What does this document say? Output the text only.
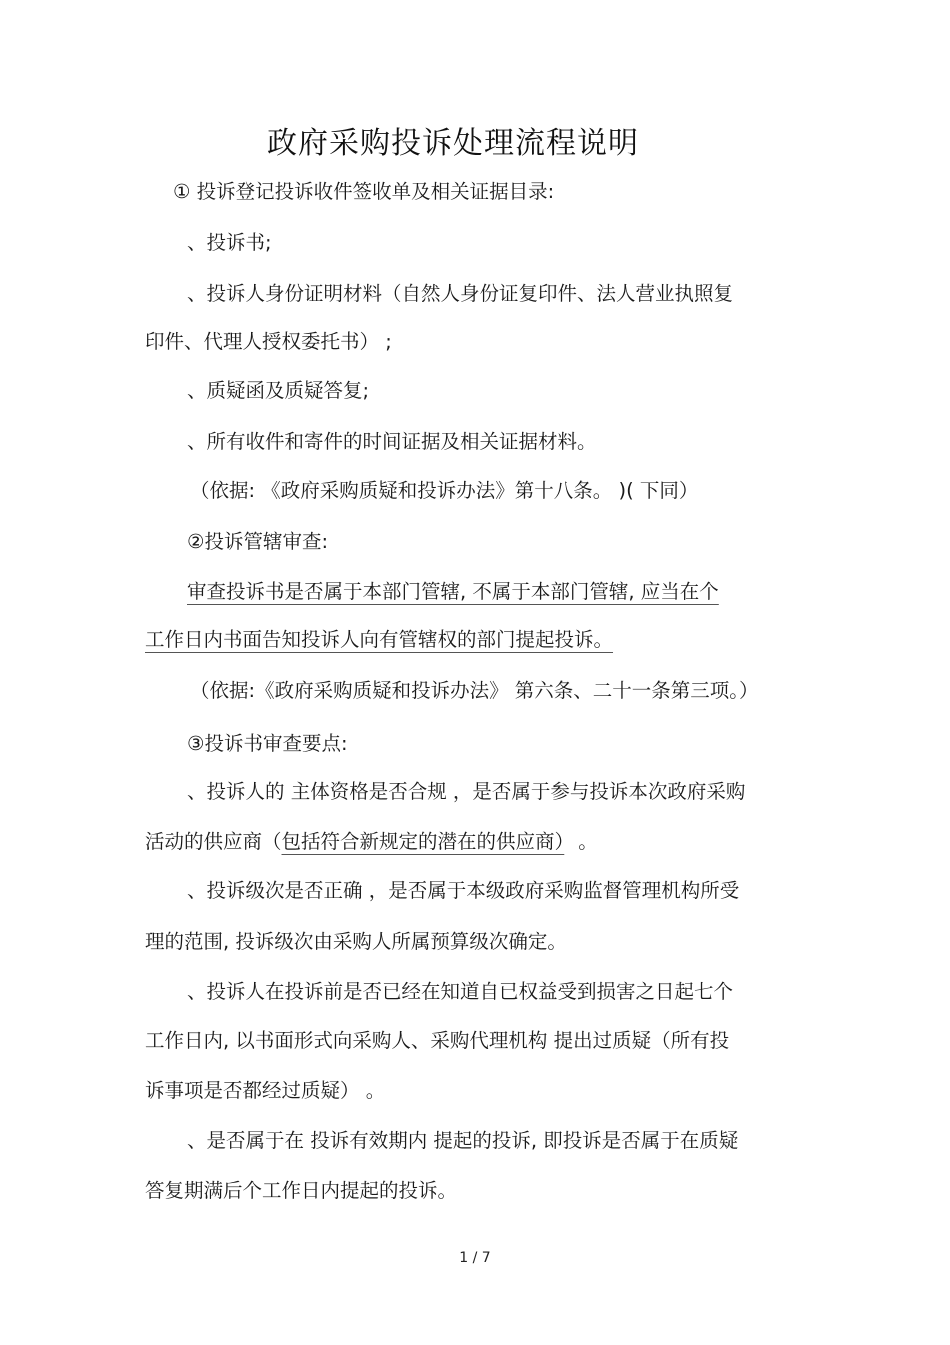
政府采购投诉处理流程说明

① 投诉登记投诉收件签收单及相关证据目录:

、投诉书;

、投诉人身份证明材料（自然人身份证复印件、法人营业执照复

印件、代理人授权委托书） ;

、质疑函及质疑答复;

、所有收件和寄件的时间证据及相关证据材料。

（依据: 《政府采购质疑和投诉办法》第十八条。 )( 下同）

②投诉管辖审查:

审查投诉书是否属于本部门管辖, 不属于本部门管辖, 应当在个

工作日内书面告知投诉人向有管辖权的部门提起投诉。

（依据:《政府采购质疑和投诉办法》 第六条、二十一条第三项。）

③投诉书审查要点:

、投诉人的 主体资格是否合规 ，是否属于参与投诉本次政府采购

活动的供应商（包括符合新规定的潜在的供应商） 。

、投诉级次是否正确 ，是否属于本级政府采购监督管理机构所受

理的范围, 投诉级次由采购人所属预算级次确定。

、投诉人在投诉前是否已经在知道自已权益受到损害之日起七个

工作日内, 以书面形式向采购人、采购代理机构 提出过质疑（所有投

诉事项是否都经过质疑） 。

、是否属于在 投诉有效期内 提起的投诉, 即投诉是否属于在质疑

答复期满后个工作日内提起的投诉。

1 / 7
